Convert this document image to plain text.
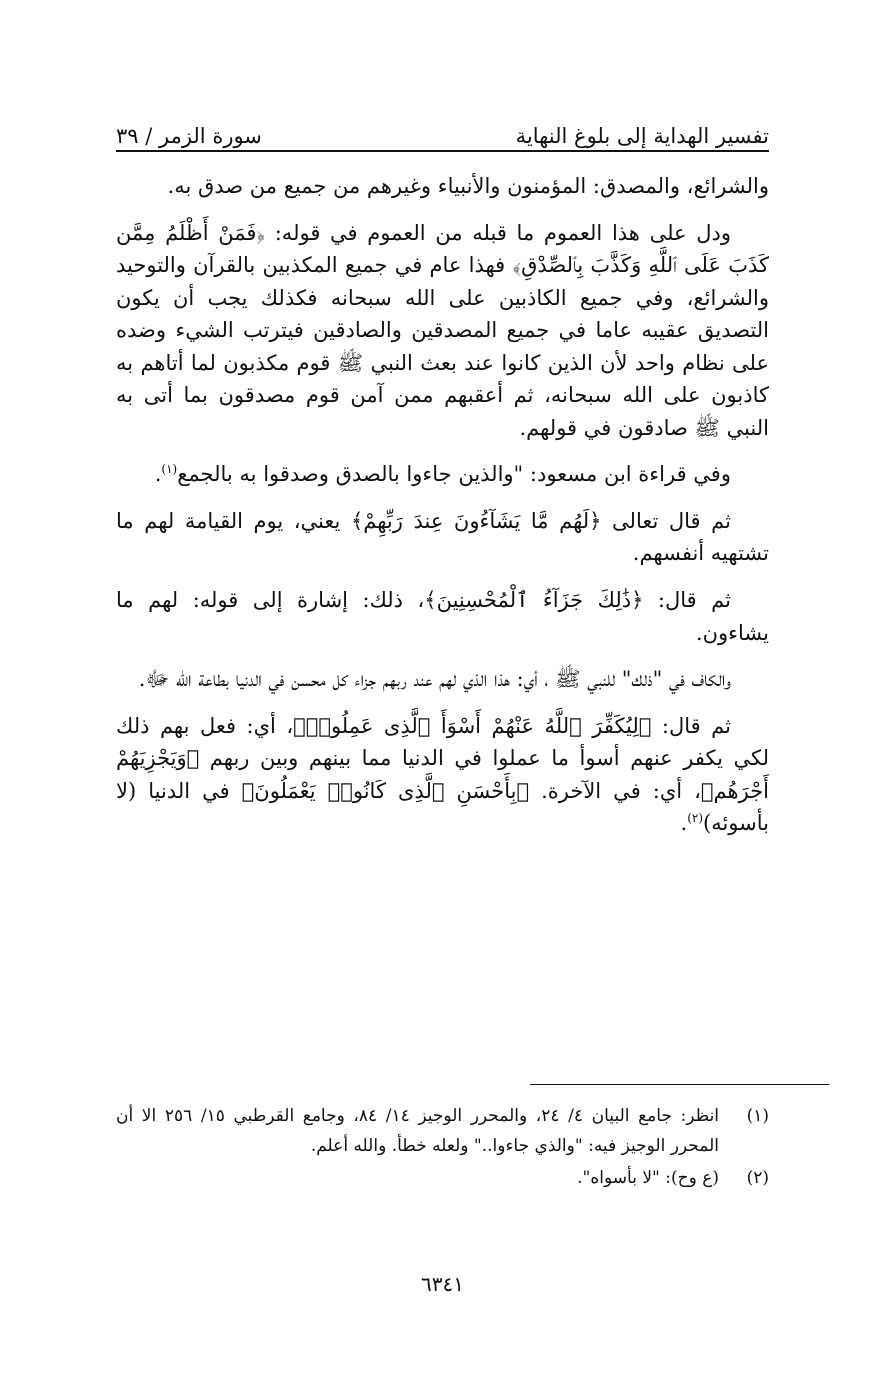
تفسير الهداية إلى بلوغ النهاية
سورة الزمر / ٣٩

والشرائع، والمصدق: المؤمنون والأنبياء وغيرهم من جميع من صدق به.

ودل على هذا العموم ما قبله من العموم في قوله: ﴿فَمَنْ أَظْلَمُ مِمَّن كَذَبَ عَلَى ٱللَّهِ وَكَذَّبَ بِٱلصِّدْقِ﴾ فهذا عام في جميع المكذبين بالقرآن والتوحيد والشرائع، وفي جميع الكاذبين على الله سبحانه فكذلك يجب أن يكون التصديق عقيبه عاما في جميع المصدقين والصادقين فيترتب الشيء وضده على نظام واحد لأن الذين كانوا عند بعث النبي ﷺ قوم مكذبون لما أتاهم به كاذبون على الله سبحانه، ثم أعقبهم ممن آمن قوم مصدقون بما أتى به النبي ﷺ صادقون في قولهم.

وفي قراءة ابن مسعود: "والذين جاءوا بالصدق وصدقوا به بالجمع$^{(١)}$.

ثم قال تعالى ﴿لَهُم مَّا يَشَآءُونَ عِندَ رَبِّهِمْ﴾ يعني، يوم القيامة لهم ما تشتهيه أنفسهم.

ثم قال: ﴿ذَٰلِكَ جَزَآءُ ٱلْمُحْسِنِينَ﴾، ذلك: إشارة إلى قوله: لهم ما يشاءون.

والكاف في "ذلك" للنبي ﷺ ، أي: هذا الذي لهم عند ربهم جزاء كل محسن في الدنيا بطاعة الله ﷻ.

ثم قال: ﴿لِيُكَفِّرَ ٱللَّهُ عَنْهُمْ أَسْوَأَ ٱلَّذِى عَمِلُوا۟﴾، أي: فعل بهم ذلك لكي يكفر عنهم أسوأ ما عملوا في الدنيا مما بينهم وبين ربهم ﴿وَيَجْزِيَهُمْ أَجْرَهُم﴾، أي: في الآخرة. ﴿بِأَحْسَنِ ٱلَّذِى كَانُوا۟ يَعْمَلُونَ﴾ في الدنيا (لا بأسوئه)$^{(٢)}$.

(١)
انظر: جامع البيان ٤/ ٢٤، والمحرر الوجيز ١٤/ ٨٤، وجامع القرطبي ١٥/ ٢٥٦ الا أن المحرر الوجيز فيه: "والذي جاءوا.." ولعله خطأ. والله أعلم.
(٢)
(ع وح): "لا بأسواه".
٦٣٤١
